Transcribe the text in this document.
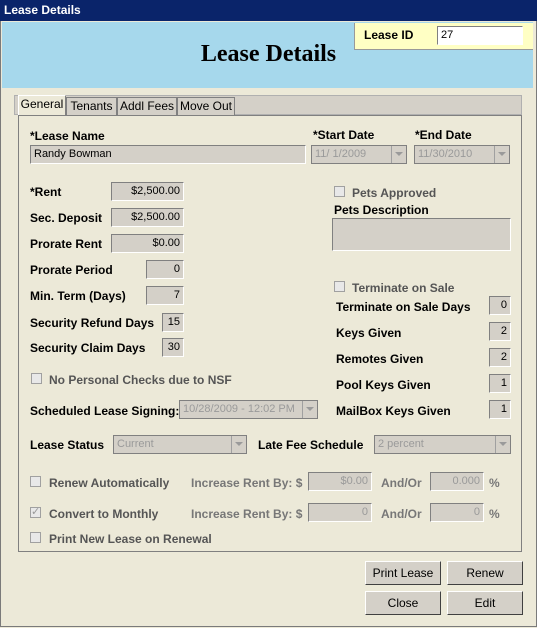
Lease Details
Lease Details
Lease ID	27
General Tenants Addl Fees Move Out
*Lease Name
Randy Bowman
*Start Date
11/ 1/2009
*End Date
11/30/2010
*Rent	$2,500.00
Sec. Deposit	$2,500.00
Prorate Rent	$0.00
Prorate Period	0
Min. Term (Days)	7
Security Refund Days	15
Security Claim Days	30
Pets Approved
Pets Description
Terminate on Sale
Terminate on Sale Days	0
Keys Given	2
Remotes Given	2
Pool Keys Given	1
MailBox Keys Given	1
No Personal Checks due to NSF
Scheduled Lease Signing: 10/28/2009 - 12:02 PM
Lease Status	Current	Late Fee Schedule	2 percent
Renew Automatically Increase Rent By: $	$0.00	And/Or	0.000 %
✓
Convert to Monthly	Increase Rent By: $	0	And/Or	0 %
Print New Lease on Renewal
Print Lease	Renew
Close	Edit
